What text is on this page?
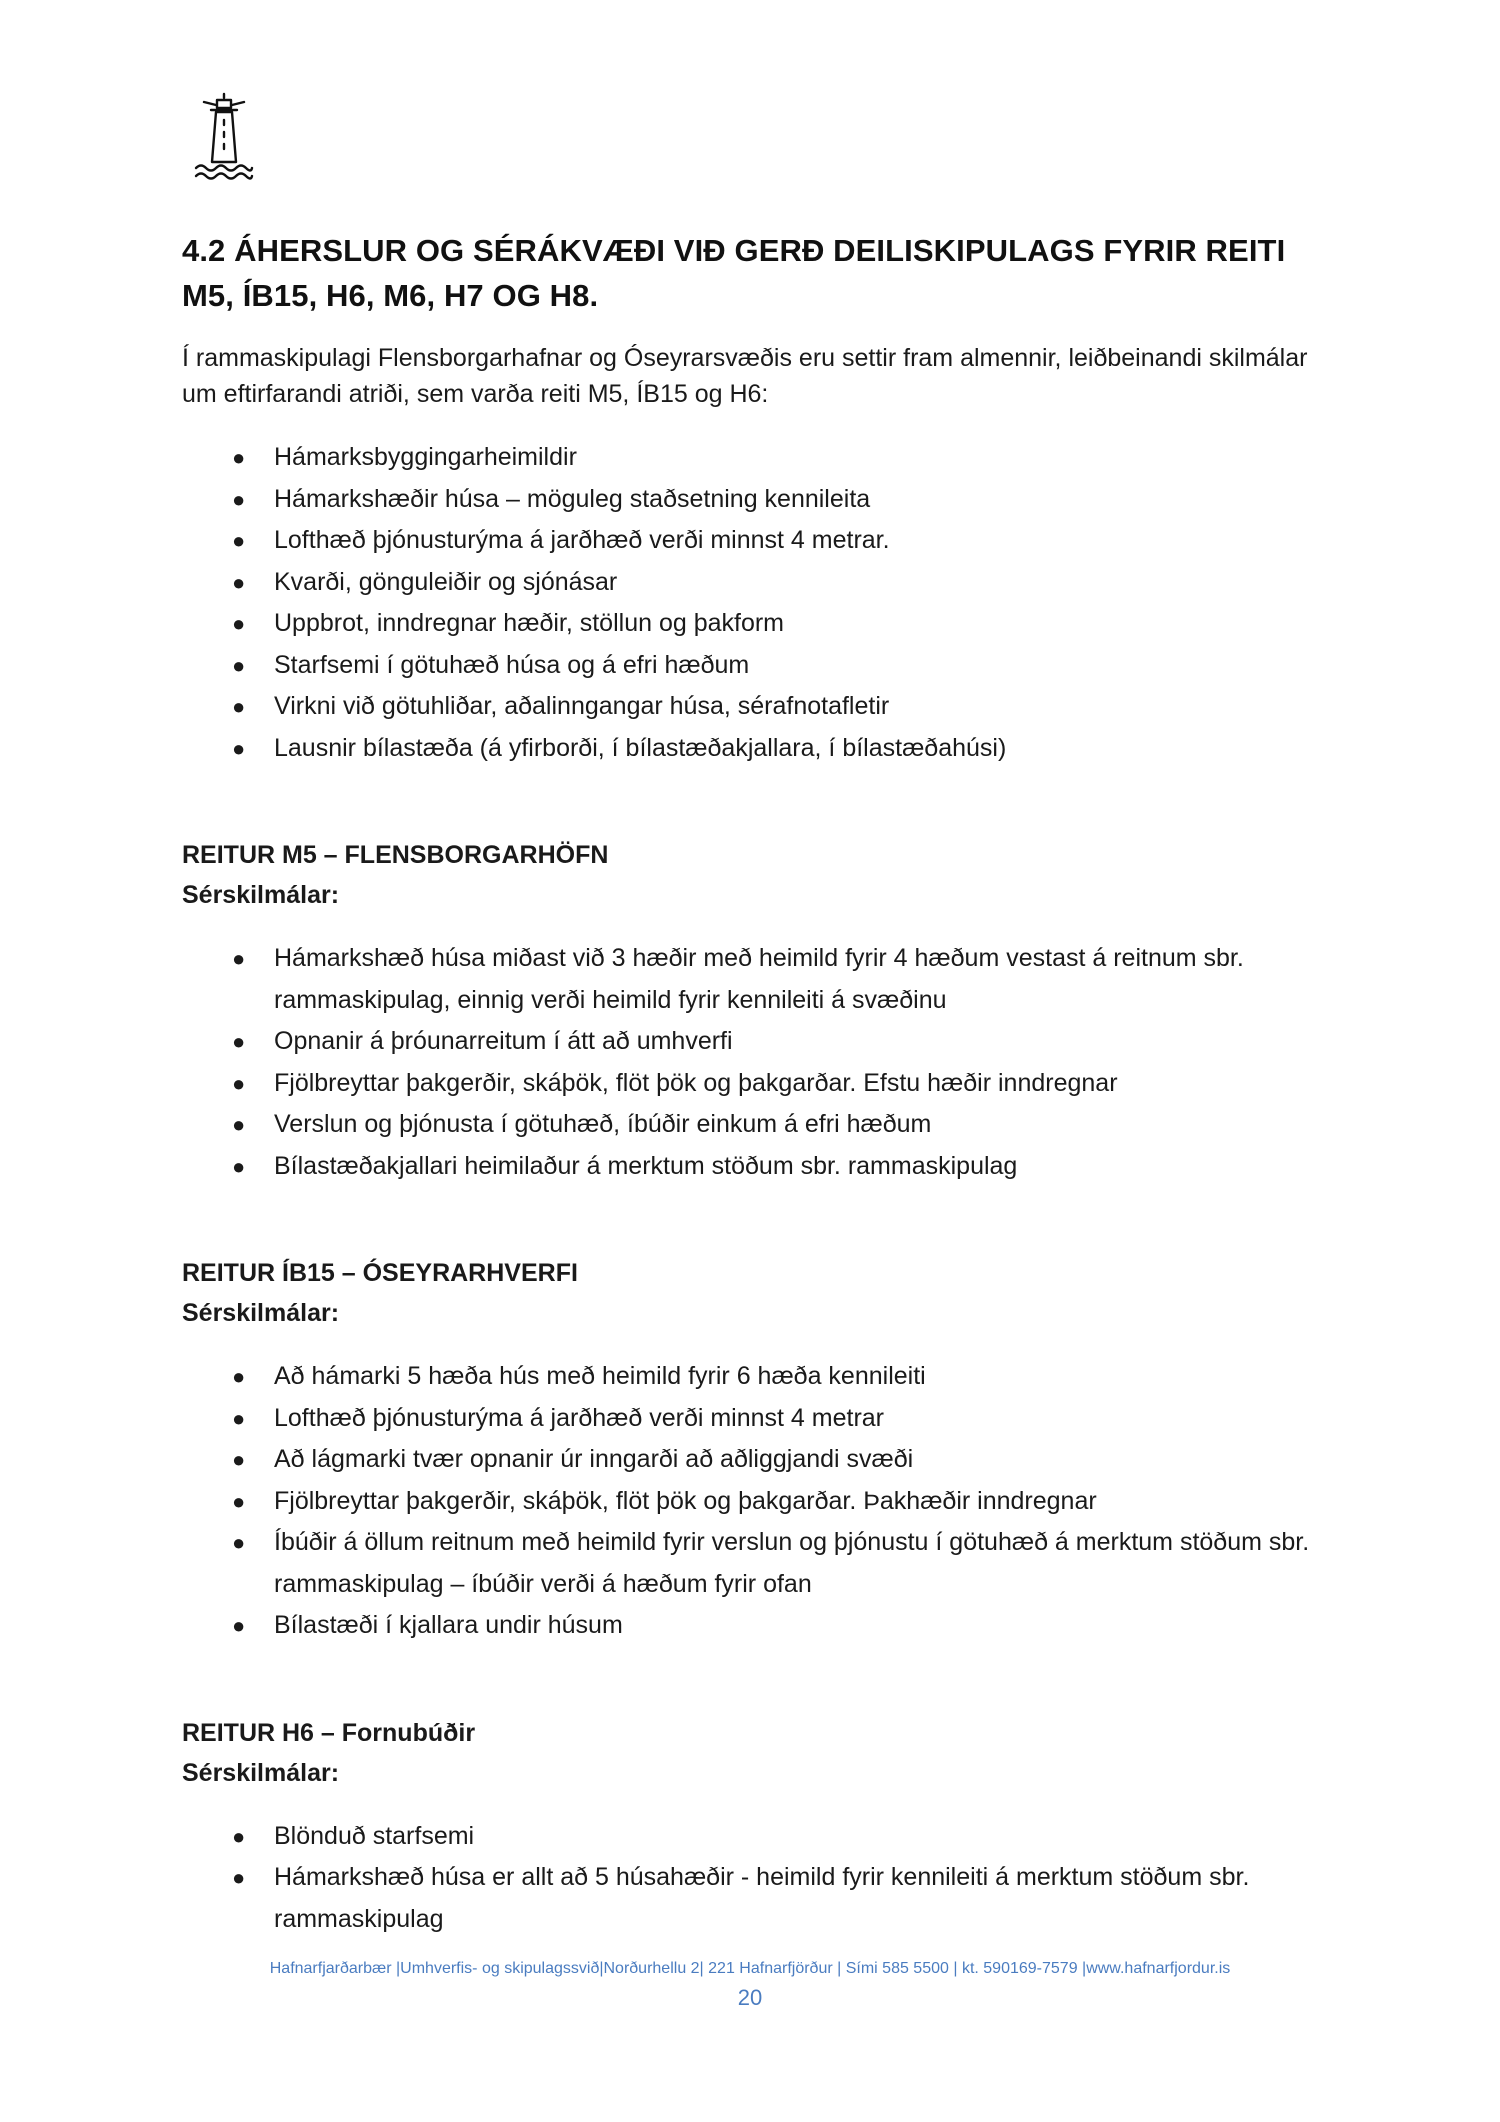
4.2 ÁHERSLUR OG SÉRÁKVÆÐI VIÐ GERÐ DEILISKIPULAGS FYRIR REITI M5, ÍB15, H6, M6, H7 OG H8.

Í rammaskipulagi Flensborgarhafnar og Óseyrarsvæðis eru settir fram almennir, leiðbeinandi skilmálar um eftirfarandi atriði, sem varða reiti M5, ÍB15 og H6:

● Hámarksbyggingarheimildir
● Hámarkshæðir húsa – möguleg staðsetning kennileita
● Lofthæð þjónusturýma á jarðhæð verði minnst 4 metrar.
● Kvarði, gönguleiðir og sjónásar
● Uppbrot, inndregnar hæðir, stöllun og þakform
● Starfsemi í götuhæð húsa og á efri hæðum
● Virkni við götuhliðar, aðalinngangar húsa, sérafnotafletir
● Lausnir bílastæða (á yfirborði, í bílastæðakjallara, í bílastæðahúsi)

REITUR M5 – FLENSBORGARHÖFN

Sérskilmálar:

● Hámarkshæð húsa miðast við 3 hæðir með heimild fyrir 4 hæðum vestast á reitnum sbr. rammaskipulag, einnig verði heimild fyrir kennileiti á svæðinu
● Opnanir á þróunarreitum í átt að umhverfi
● Fjölbreyttar þakgerðir, skáþök, flöt þök og þakgarðar. Efstu hæðir inndregnar
● Verslun og þjónusta í götuhæð, íbúðir einkum á efri hæðum
● Bílastæðakjallari heimilaður á merktum stöðum sbr. rammaskipulag

REITUR ÍB15 – ÓSEYRARHVERFI

Sérskilmálar:

● Að hámarki 5 hæða hús með heimild fyrir 6 hæða kennileiti
● Lofthæð þjónusturýma á jarðhæð verði minnst 4 metrar
● Að lágmarki tvær opnanir úr inngarði að aðliggjandi svæði
● Fjölbreyttar þakgerðir, skáþök, flöt þök og þakgarðar. Þakhæðir inndregnar
● Íbúðir á öllum reitnum með heimild fyrir verslun og þjónustu í götuhæð á merktum stöðum sbr. rammaskipulag – íbúðir verði á hæðum fyrir ofan
● Bílastæði í kjallara undir húsum

REITUR H6 – Fornubúðir

Sérskilmálar:

● Blönduð starfsemi
● Hámarkshæð húsa er allt að 5 húsahæðir - heimild fyrir kennileiti á merktum stöðum sbr. rammaskipulag
Hafnarfjarðarbær |Umhverfis- og skipulagssvið|Norðurhellu 2| 221 Hafnarfjörður | Sími 585 5500 | kt. 590169-7579 |www.hafnarfjordur.is
20
